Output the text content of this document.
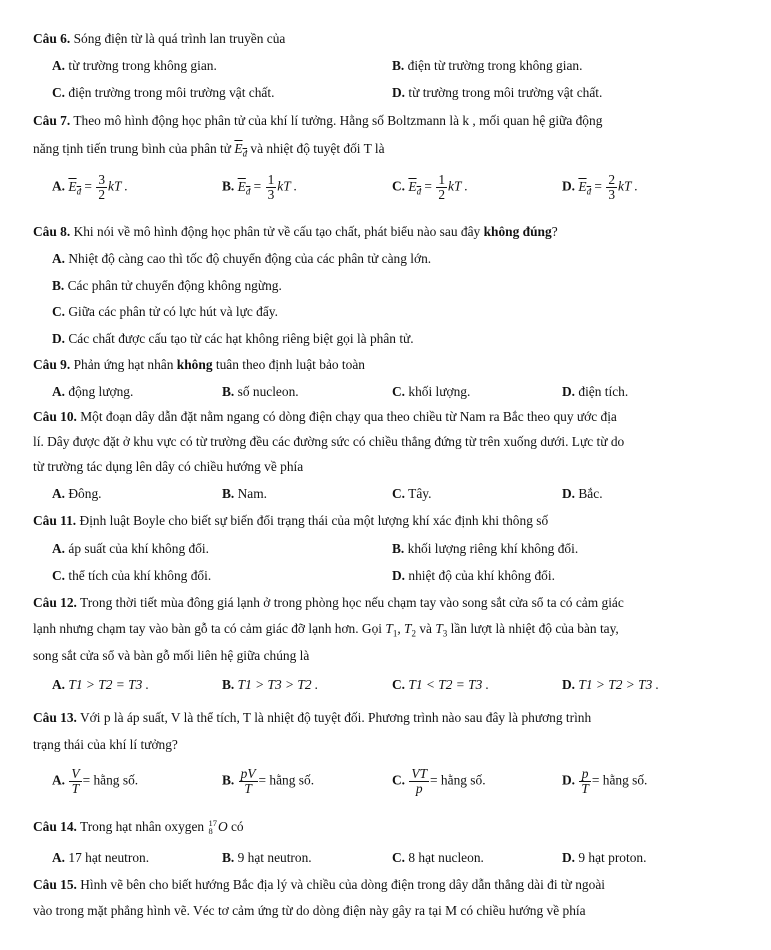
Câu 6. Sóng điện từ là quá trình lan truyền của
A. từ trường trong không gian.	B. điện từ trường trong không gian.
C. điện trường trong môi trường vật chất.	D. từ trường trong môi trường vật chất.
Câu 7. Theo mô hình động học phân tử của khí lí tưởng. Hằng số Boltzmann là k , mối quan hệ giữa động
năng tịnh tiến trung bình của phân tử $E_đ$ và nhiệt độ tuyệt đối T là
A. $E_đ = \frac{3}{2}$ kT .	B. $E_đ = \frac{1}{3}$ kT .	C. $E_đ = \frac{1}{2}$ kT .	D. $E_đ = \frac{2}{3}$ kT .
Câu 8. Khi nói về mô hình động học phân tử về cấu tạo chất, phát biểu nào sau đây không đúng?
A. Nhiệt độ càng cao thì tốc độ chuyển động của các phân tử càng lớn.
B. Các phân tử chuyển động không ngừng.
C. Giữa các phân tử có lực hút và lực đẩy.
D. Các chất được cấu tạo từ các hạt không riêng biệt gọi là phân tử.
Câu 9. Phản ứng hạt nhân không tuân theo định luật bảo toàn
A. động lượng.	B. số nucleon.	C. khối lượng.	D. điện tích.
Câu 10. Một đoạn dây dẫn đặt nằm ngang có dòng điện chạy qua theo chiều từ Nam ra Bắc theo quy ước địa
lí. Dây được đặt ở khu vực có từ trường đều các đường sức có chiều thẳng đứng từ trên xuống dưới. Lực từ do
từ trường tác dụng lên dây có chiều hướng về phía
A. Đông.	B. Nam.	C. Tây.	D. Bắc.
Câu 11. Định luật Boyle cho biết sự biến đổi trạng thái của một lượng khí xác định khi thông số
A. áp suất của khí không đổi.	B. khối lượng riêng khí không đổi.
C. thể tích của khí không đổi.	D. nhiệt độ của khí không đổi.
Câu 12. Trong thời tiết mùa đông giá lạnh ở trong phòng học nếu chạm tay vào song sắt cửa sổ ta có cảm giác
lạnh nhưng chạm tay vào bàn gỗ ta có cảm giác đỡ lạnh hơn. Gọi $T_1$, $T_2$ và $T_3$ lần lượt là nhiệt độ của bàn tay,
song sắt cửa sổ và bàn gỗ mối liên hệ giữa chúng là
A. T1 > T2 = T3 .	B. T1 > T3 > T2 .	C. T1 < T2 = T3 .	D. T1 > T2 > T3 .
Câu 13. Với p là áp suất, V là thể tích, T là nhiệt độ tuyệt đối. Phương trình nào sau đây là phương trình
trạng thái của khí lí tưởng?
A. $\frac{V}{T}$ = hằng số.	B. $\frac{pV}{T}$ = hằng số.	C. $\frac{VT}{p}$ = hằng số.	D. $\frac{p}{T}$ = hằng số.
Câu 14. Trong hạt nhân oxygen 17
8 O có
A. 17 hạt neutron.	B. 9 hạt neutron.	C. 8 hạt nucleon.	D. 9 hạt proton.
Câu 15. Hình vẽ bên cho biết hướng Bắc địa lý và chiều của dòng điện trong dây dẫn thẳng dài đi từ ngoài
vào trong mặt phẳng hình vẽ. Véc tơ cảm ứng từ do dòng điện này gây ra tại M có chiều hướng về phía
